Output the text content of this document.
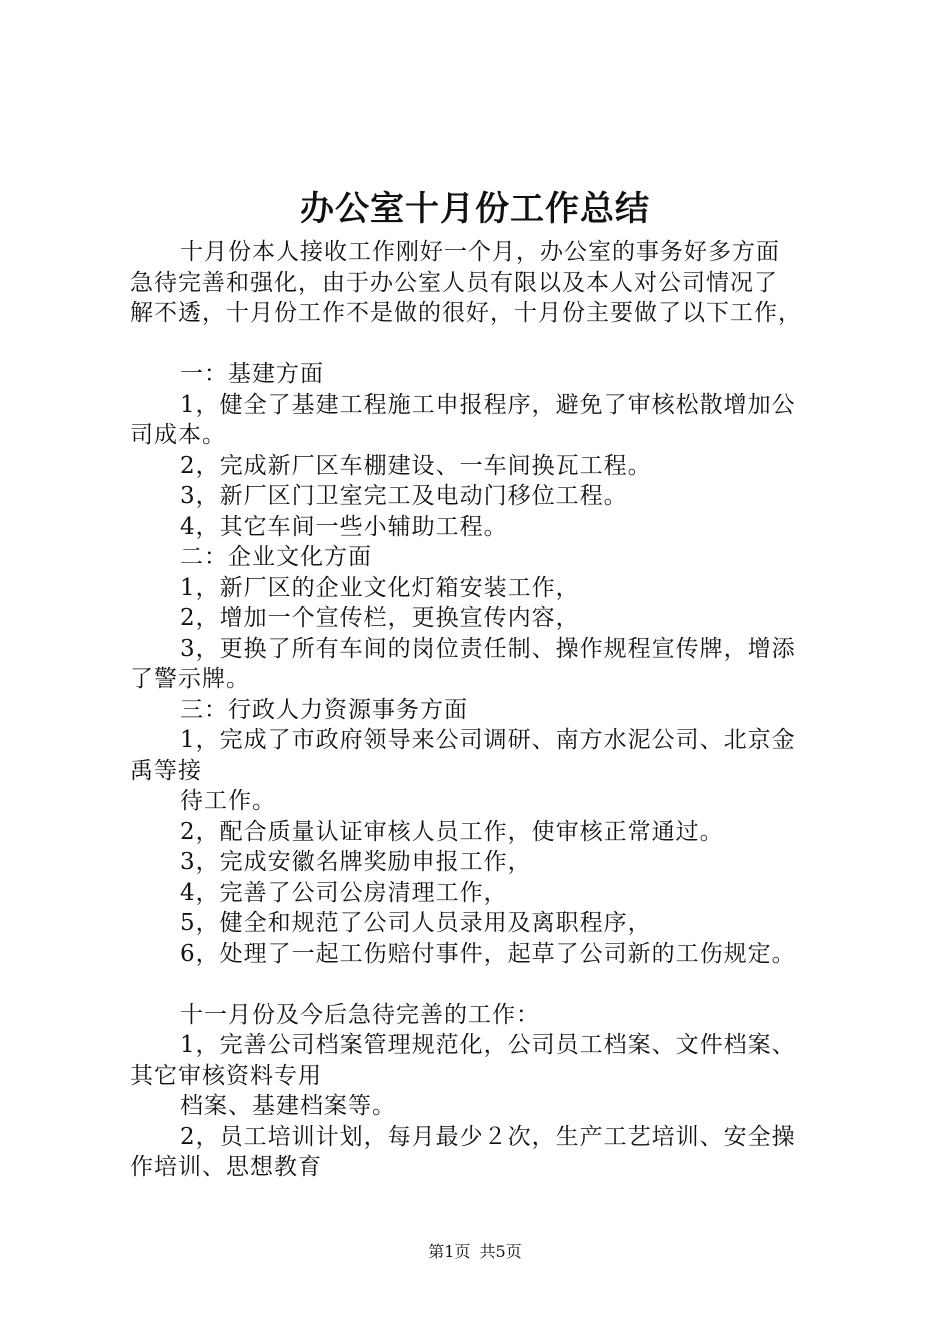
办公室十月份工作总结
十月份本人接收工作刚好一个月，办公室的事务好多方面
急待完善和强化，由于办公室人员有限以及本人对公司情况了
解不透，十月份工作不是做的很好，十月份主要做了以下工作，
一：基建方面
1，健全了基建工程施工申报程序，避免了审核松散增加公
司成本。
2，完成新厂区车棚建设、一车间换瓦工程。
3，新厂区门卫室完工及电动门移位工程。
4，其它车间一些小辅助工程。
二：企业文化方面
1，新厂区的企业文化灯箱安装工作，
2，增加一个宣传栏，更换宣传内容，
3，更换了所有车间的岗位责任制、操作规程宣传牌，增添
了警示牌。
三：行政人力资源事务方面
1，完成了市政府领导来公司调研、南方水泥公司、北京金
禹等接
待工作。
2，配合质量认证审核人员工作，使审核正常通过。
3，完成安徽名牌奖励申报工作，
4，完善了公司公房清理工作，
5，健全和规范了公司人员录用及离职程序，
6，处理了一起工伤赔付事件，起草了公司新的工伤规定。
十一月份及今后急待完善的工作：
1，完善公司档案管理规范化，公司员工档案、文件档案、
其它审核资料专用
档案、基建档案等。
2，员工培训计划，每月最少２次，生产工艺培训、安全操
作培训、思想教育
第1页 共5页
